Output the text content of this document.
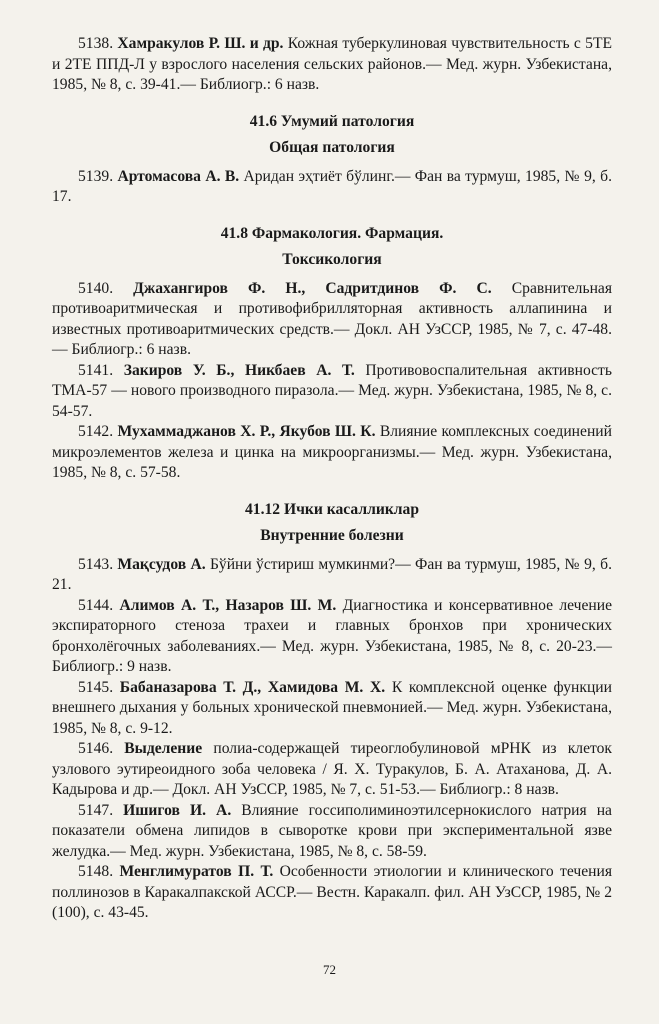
5138. Хамракулов Р. Ш. и др. Кожная туберкулиновая чувствительность с 5ТЕ и 2ТЕ ППД-Л у взрослого населения сельских районов.— Мед. журн. Узбекистана, 1985, № 8, с. 39-41.— Библиогр.: 6 назв.

41.6 Умумий патология

Общая патология

5139. Артомасова А. В. Аридан эҳтиёт бўлинг.— Фан ва турмуш, 1985, № 9, б. 17.

41.8 Фармакология. Фармация.

Токсикология

5140. Джахангиров Ф. Н., Садритдинов Ф. С. Сравнительная противоаритмическая и противофибрилляторная активность аллапинина и известных противоаритмических средств.— Докл. АН УзССР, 1985, № 7, с. 47-48.— Библиогр.: 6 назв.

5141. Закиров У. Б., Никбаев А. Т. Противовоспалительная активность ТМА-57 — нового производного пиразола.— Мед. журн. Узбекистана, 1985, № 8, с. 54-57.

5142. Мухаммаджанов Х. Р., Якубов Ш. К. Влияние комплексных соединений микроэлементов железа и цинка на микроорганизмы.— Мед. журн. Узбекистана, 1985, № 8, с. 57-58.

41.12 Ички касалликлар

Внутренние болезни

5143. Мақсудов А. Бўйни ўстириш мумкинми?— Фан ва турмуш, 1985, № 9, б. 21.

5144. Алимов А. Т., Назаров Ш. М. Диагностика и консервативное лечение экспираторного стеноза трахеи и главных бронхов при хронических бронхолёгочных заболеваниях.— Мед. журн. Узбекистана, 1985, № 8, с. 20-23.— Библиогр.: 9 назв.

5145. Бабаназарова Т. Д., Хамидова М. Х. К комплексной оценке функции внешнего дыхания у больных хронической пневмонией.— Мед. журн. Узбекистана, 1985, № 8, с. 9-12.

5146. Выделение полиа-содержащей тиреоглобулиновой мРНК из клеток узлового эутиреоидного зоба человека / Я. Х. Туракулов, Б. А. Атаханова, Д. А. Кадырова и др.— Докл. АН УзССР, 1985, № 7, с. 51-53.— Библиогр.: 8 назв.

5147. Ишигов И. А. Влияние госсиполиминоэтилсернокислого натрия на показатели обмена липидов в сыворотке крови при экспериментальной язве желудка.— Мед. журн. Узбекистана, 1985, № 8, с. 58-59.

5148. Менглимуратов П. Т. Особенности этиологии и клинического течения поллинозов в Каракалпакской АССР.— Вестн. Каракалп. фил. АН УзССР, 1985, № 2 (100), с. 43-45.

72
